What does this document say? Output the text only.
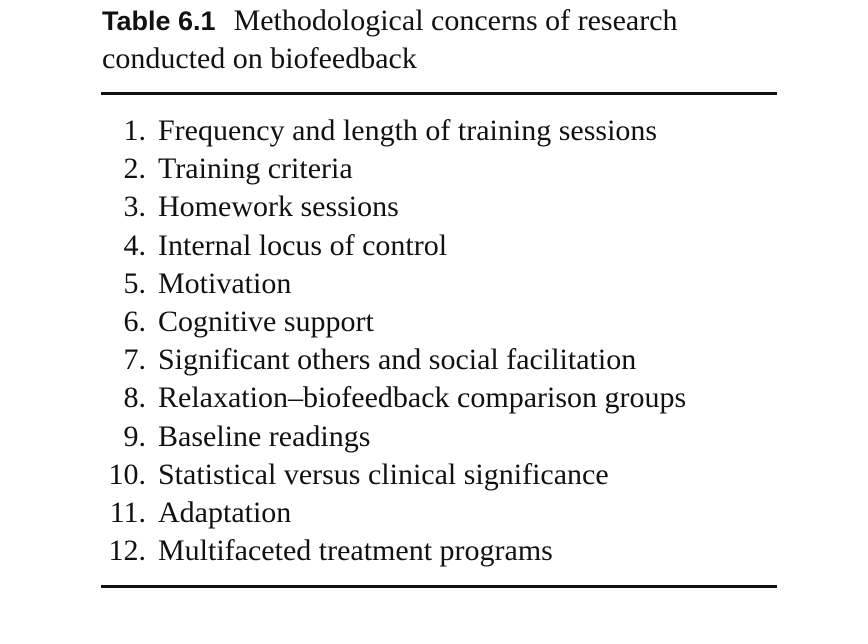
Table 6.1 Methodological concerns of research
conducted on biofeedback
1. Frequency and length of training sessions
2. Training criteria
3. Homework sessions
4. Internal locus of control
5. Motivation
6. Cognitive support
7. Significant others and social facilitation
8. Relaxation–biofeedback comparison groups
9. Baseline readings
10. Statistical versus clinical significance
11. Adaptation
12. Multifaceted treatment programs
